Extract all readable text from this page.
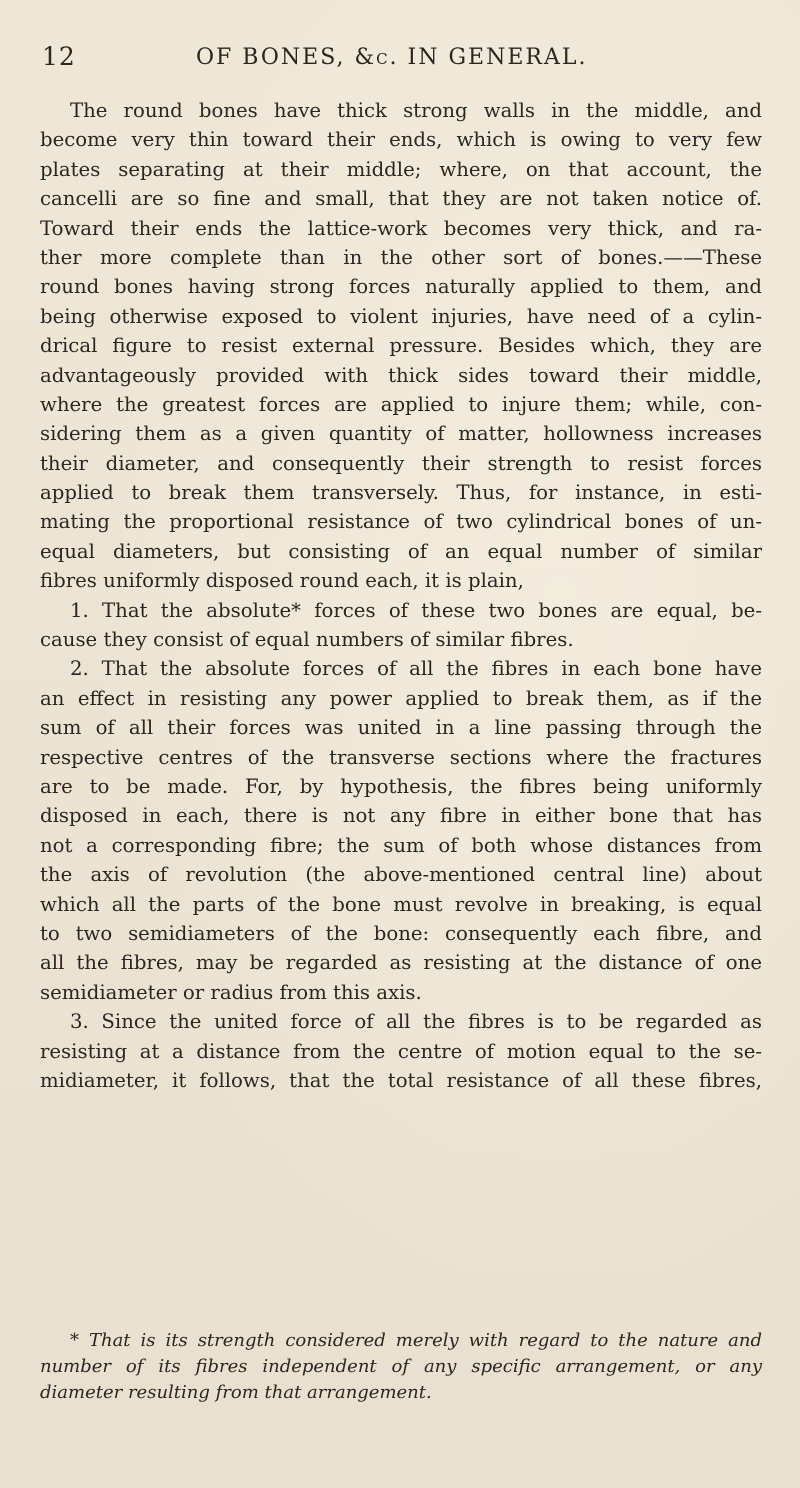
12	OF BONES, &c. IN GENERAL.
The round bones have thick strong walls in the middle, and
become very thin toward their ends, which is owing to very few
plates separating at their middle; where, on that account, the
cancelli are so fine and small, that they are not taken notice of.
Toward their ends the lattice-work becomes very thick, and ra-
ther more complete than in the other sort of bones.——These
round bones having strong forces naturally applied to them, and
being otherwise exposed to violent injuries, have need of a cylin-
drical figure to resist external pressure. Besides which, they are
advantageously provided with thick sides toward their middle,
where the greatest forces are applied to injure them; while, con-
sidering them as a given quantity of matter, hollowness increases
their diameter, and consequently their strength to resist forces
applied to break them transversely. Thus, for instance, in esti-
mating the proportional resistance of two cylindrical bones of un-
equal diameters, but consisting of an equal number of similar
fibres uniformly disposed round each, it is plain,
1. That the absolute* forces of these two bones are equal, be-
cause they consist of equal numbers of similar fibres.
2. That the absolute forces of all the fibres in each bone have
an effect in resisting any power applied to break them, as if the
sum of all their forces was united in a line passing through the
respective centres of the transverse sections where the fractures
are to be made. For, by hypothesis, the fibres being uniformly
disposed in each, there is not any fibre in either bone that has
not a corresponding fibre; the sum of both whose distances from
the axis of revolution (the above-mentioned central line) about
which all the parts of the bone must revolve in breaking, is equal
to two semidiameters of the bone: consequently each fibre, and
all the fibres, may be regarded as resisting at the distance of one
semidiameter or radius from this axis.
3. Since the united force of all the fibres is to be regarded as
resisting at a distance from the centre of motion equal to the se-
midiameter, it follows, that the total resistance of all these fibres,
* That is its strength considered merely with regard to the nature and
number of its fibres independent of any specific arrangement, or any
diameter resulting from that arrangement.
